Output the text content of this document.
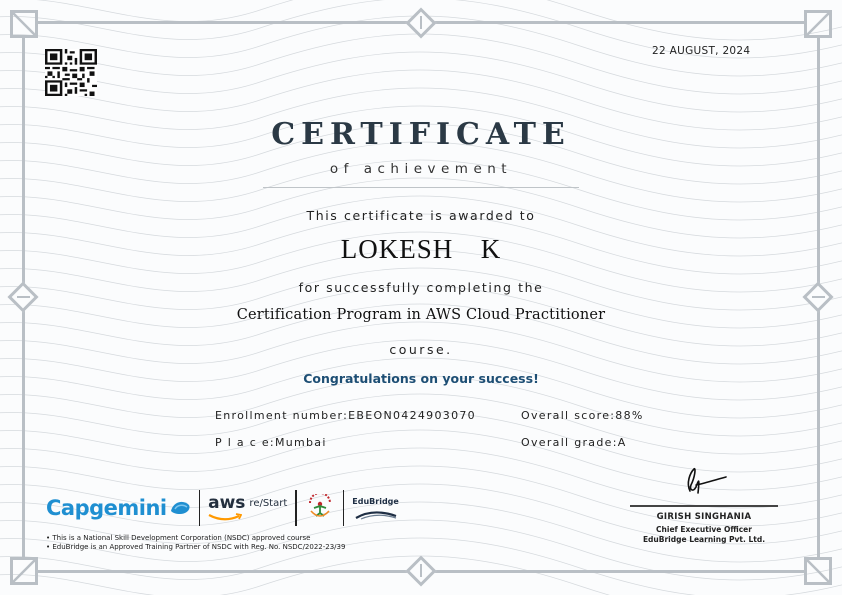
22 AUGUST, 2024
CERTIFICATE
of achievement
This certificate is awarded to
LOKESH  K
for successfully completing the
Certification Program in AWS Cloud Practitioner
course.
Congratulations on your success!
Enrollment number:EBEON0424903070
P l a c e:Mumbai
Overall score:88%
Overall grade:A
Capgemini aws re/Start	EduBridge
• This is a National Skill Development Corporation (NSDC) approved course
• EduBridge is an Approved Training Partner of NSDC with Reg. No. NSDC/2022-23/39
GIRISH SINGHANIA
Chief Executive Officer
EduBridge Learning Pvt. Ltd.
